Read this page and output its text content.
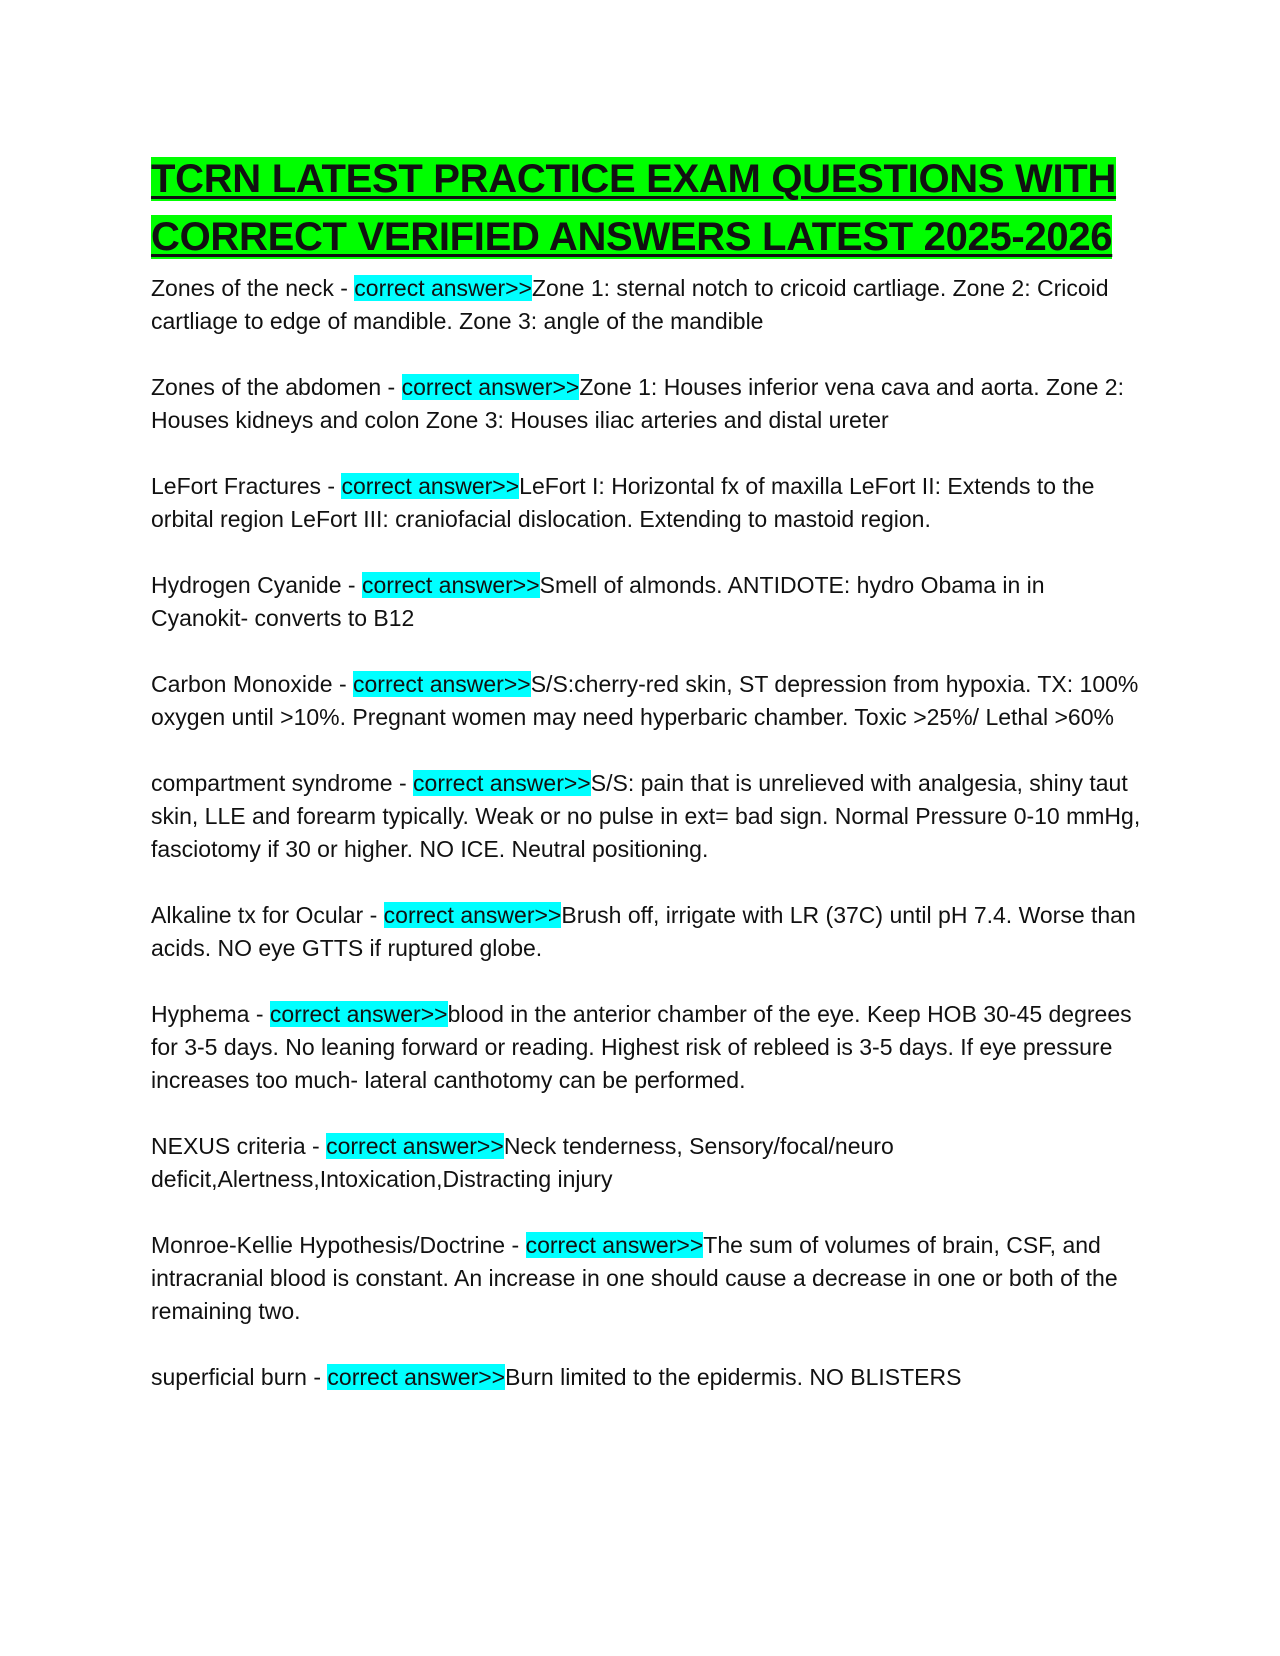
TCRN LATEST PRACTICE EXAM QUESTIONS WITH
CORRECT VERIFIED ANSWERS LATEST 2025-2026

Zones of the neck - correct answer>>Zone 1: sternal notch to cricoid cartliage. Zone 2: Cricoid cartliage to edge of mandible. Zone 3: angle of the mandible

Zones of the abdomen - correct answer>>Zone 1: Houses inferior vena cava and aorta. Zone 2: Houses kidneys and colon Zone 3: Houses iliac arteries and distal ureter

LeFort Fractures - correct answer>>LeFort I: Horizontal fx of maxilla LeFort II: Extends to the orbital region LeFort III: craniofacial dislocation. Extending to mastoid region.

Hydrogen Cyanide - correct answer>>Smell of almonds. ANTIDOTE: hydro Obama in in Cyanokit- converts to B12

Carbon Monoxide - correct answer>>S/S:cherry-red skin, ST depression from hypoxia. TX: 100% oxygen until >10%. Pregnant women may need hyperbaric chamber. Toxic >25%/ Lethal >60%

compartment syndrome - correct answer>>S/S: pain that is unrelieved with analgesia, shiny taut skin, LLE and forearm typically. Weak or no pulse in ext= bad sign. Normal Pressure 0-10 mmHg, fasciotomy if 30 or higher. NO ICE. Neutral positioning.

Alkaline tx for Ocular - correct answer>>Brush off, irrigate with LR (37C) until pH 7.4. Worse than acids. NO eye GTTS if ruptured globe.

Hyphema - correct answer>>blood in the anterior chamber of the eye. Keep HOB 30-45 degrees for 3-5 days. No leaning forward or reading. Highest risk of rebleed is 3-5 days. If eye pressure increases too much- lateral canthotomy can be performed.

NEXUS criteria - correct answer>>Neck tenderness, Sensory/focal/neuro deficit,Alertness,Intoxication,Distracting injury

Monroe-Kellie Hypothesis/Doctrine - correct answer>>The sum of volumes of brain, CSF, and intracranial blood is constant. An increase in one should cause a decrease in one or both of the remaining two.

superficial burn - correct answer>>Burn limited to the epidermis. NO BLISTERS
